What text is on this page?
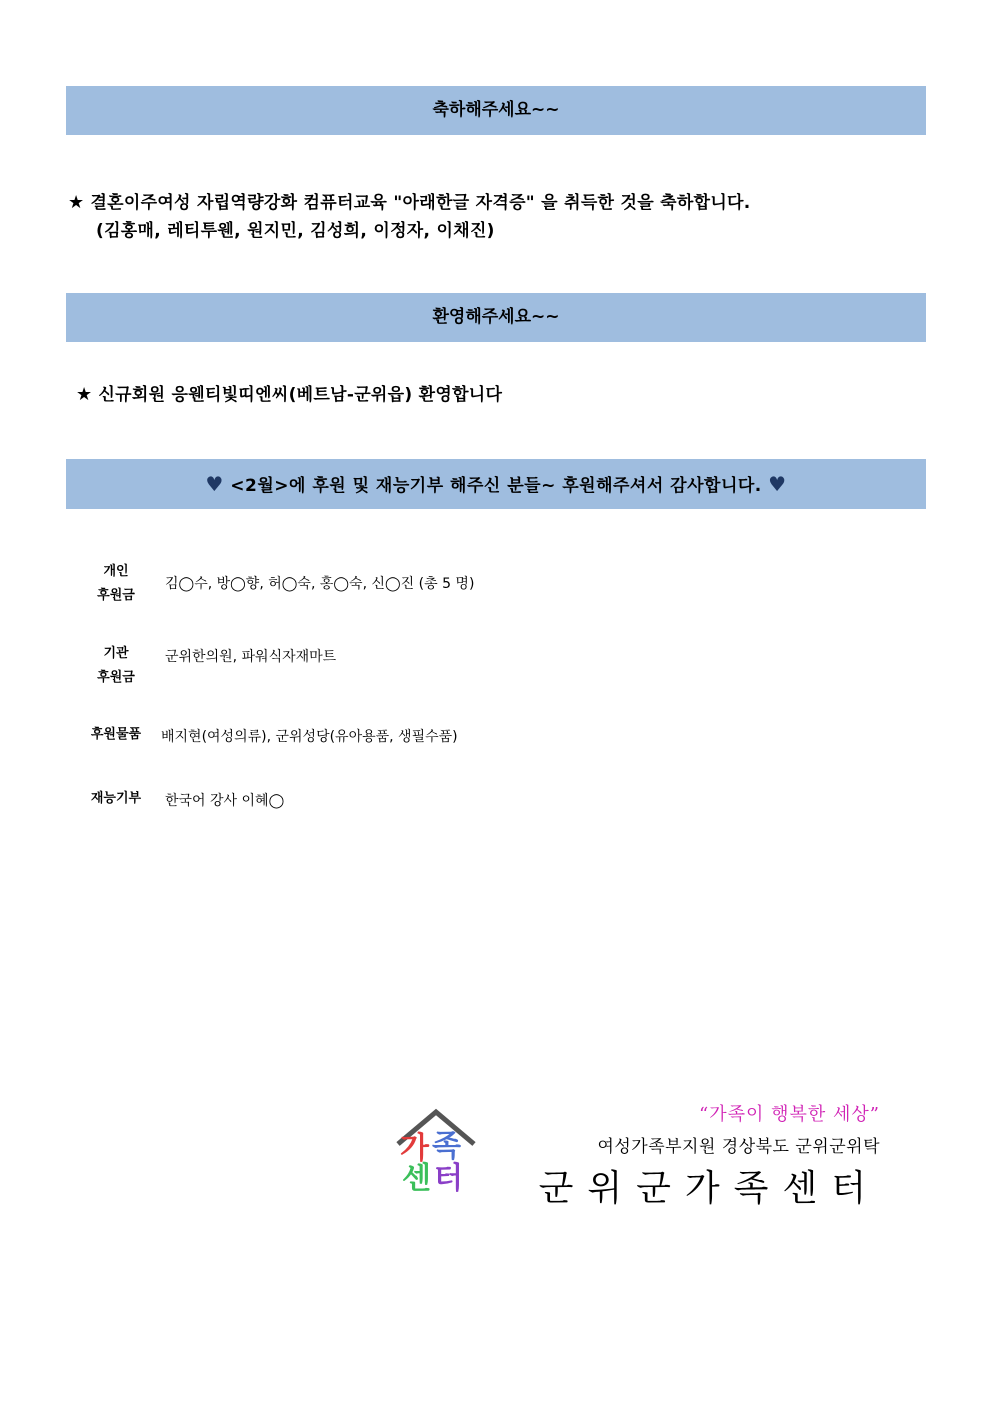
축하해주세요~~
★ 결혼이주여성 자립역량강화 컴퓨터교육 "아래한글 자격증" 을 취득한 것을 축하합니다.
(김홍매, 레티투웬, 원지민, 김성희, 이정자, 이채진)
환영해주세요~~
★ 신규회원 응웬티빛띠엔씨(베트남-군위읍) 환영합니다
♥ <2월>에 후원 및 재능기부 해주신 분들~ 후원해주셔서 감사합니다. ♥
개인
후원금
김◯수, 방◯향, 허◯숙, 홍◯숙, 신◯진 (총 5 명)
기관
후원금
군위한의원, 파워식자재마트
후원물품	배지현(여성의류), 군위성당(유아용품, 생필수품)
재능기부	한국어 강사 이혜◯
가 족
센 터
“가족이 행복한 세상”
여성가족부지원 경상북도 군위군위탁
군위군가족센터
